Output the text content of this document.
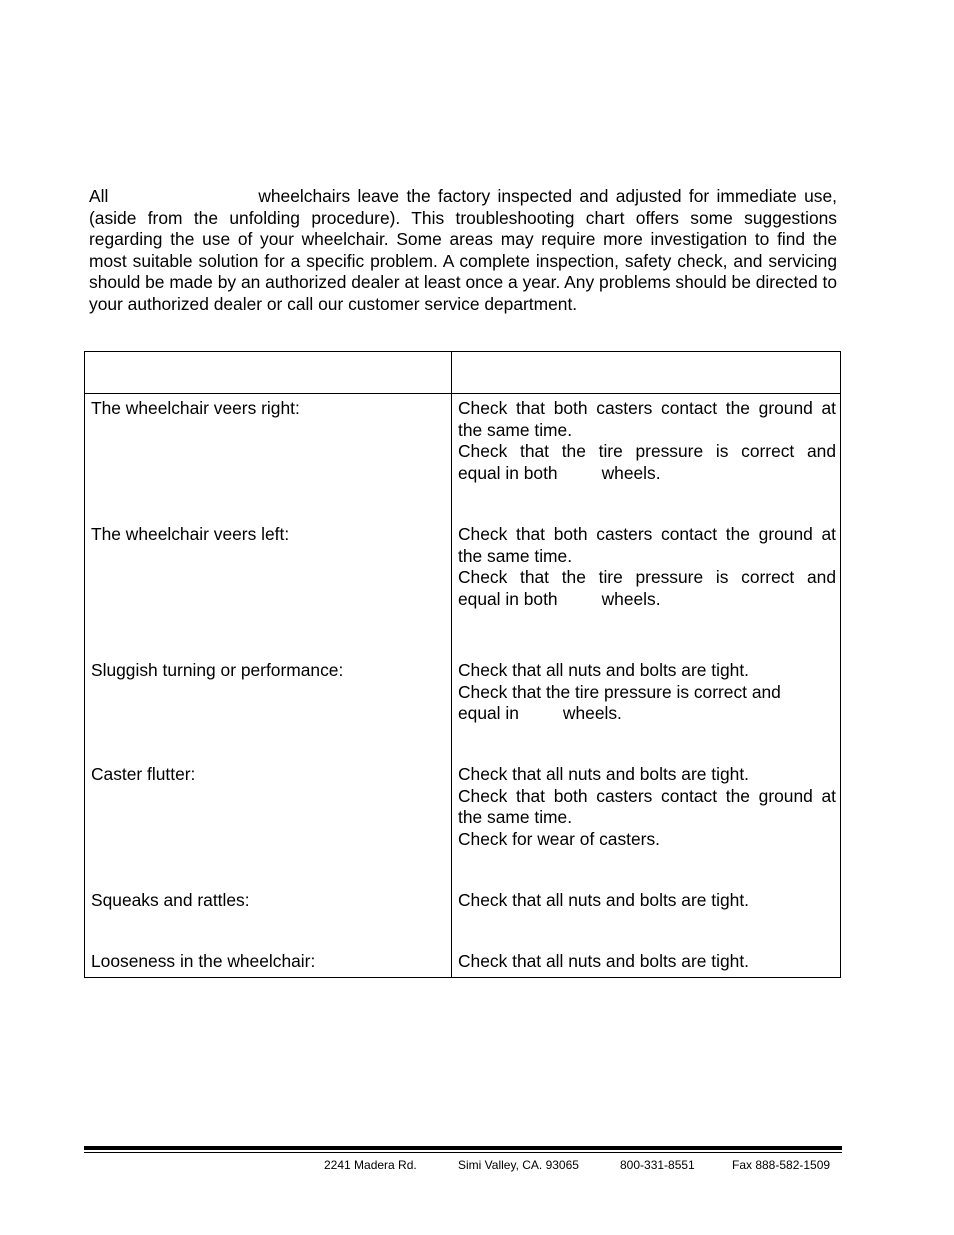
All	wheelchairs leave the factory inspected and adjusted for immediate use, (aside from the unfolding procedure). This troubleshooting chart offers some suggestions regarding the use of your wheelchair. Some areas may require more investigation to find the most suitable solution for a specific problem. A complete inspection, safety check, and servicing should be made by an authorized dealer at least once a year. Any problems should be directed to your authorized dealer or call our customer service department.

The wheelchair veers right:	Check that both casters contact the ground at
the same time.
Check that the tire pressure is correct and
equal in both	wheels.
The wheelchair veers left:	Check that both casters contact the ground at
the same time.
Check that the tire pressure is correct and
equal in both	wheels.
Sluggish turning or performance:	Check that all nuts and bolts are tight.
Check that the tire pressure is correct and
equal in	wheels.
Caster flutter:	Check that all nuts and bolts are tight.
Check that both casters contact the ground at
the same time.
Check for wear of casters.
Squeaks and rattles:	Check that all nuts and bolts are tight.
Looseness in the wheelchair:	Check that all nuts and bolts are tight.
2241 Madera Rd.	Simi Valley, CA. 93065	800-331-8551	Fax 888-582-1509
